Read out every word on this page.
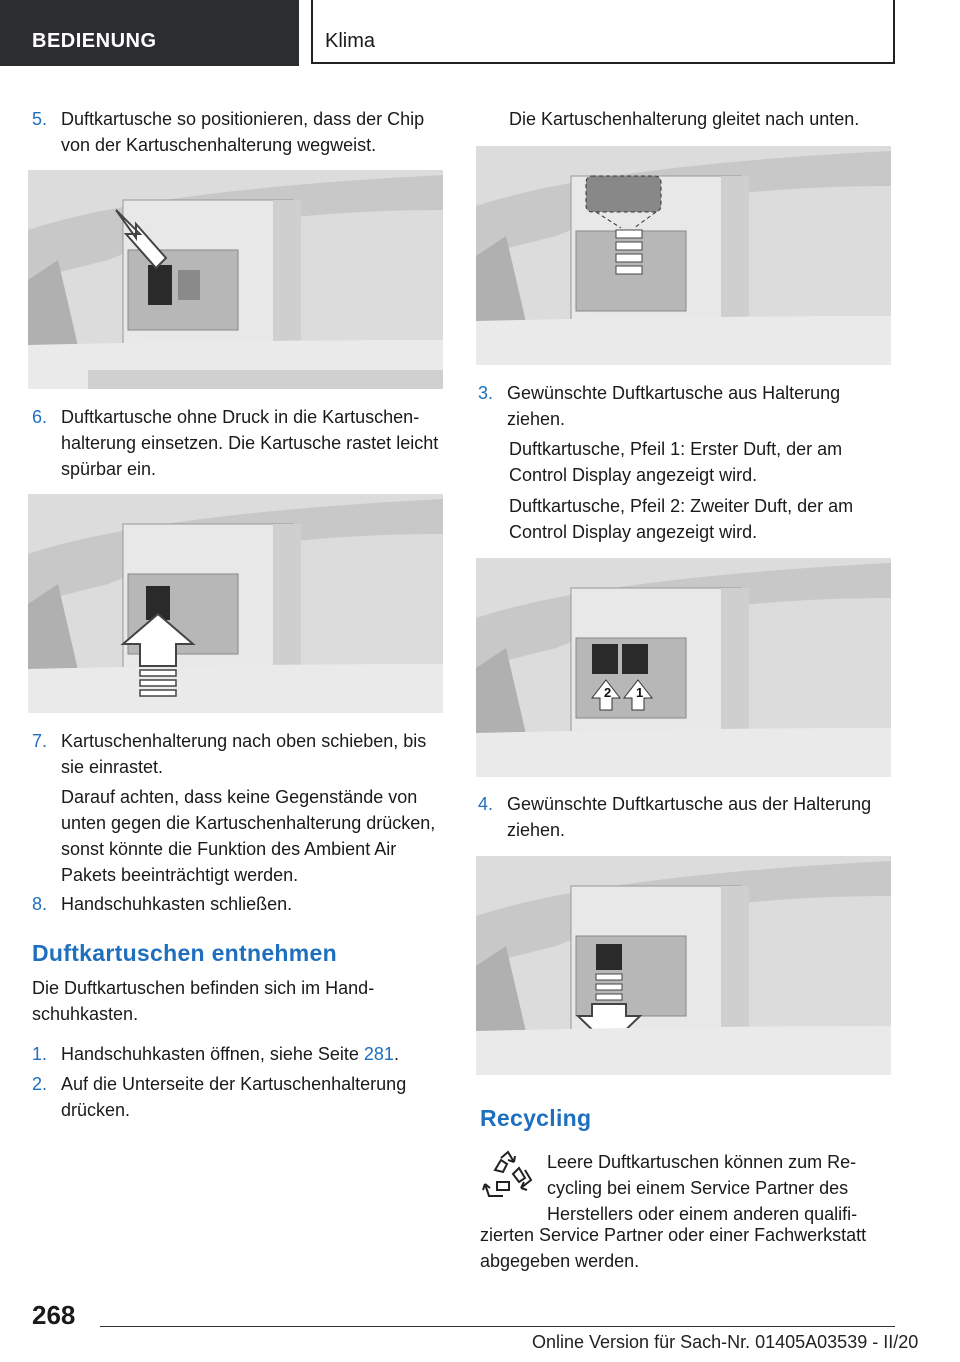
BEDIENUNG	Klima
5. Duftkartusche so positionieren, dass der Chip von der Kartuschenhalterung wegweist.
6. Duftkartusche ohne Druck in die Kartuschenhalterung einsetzen. Die Kartusche rastet leicht spürbar ein.
7. Kartuschenhalterung nach oben schieben, bis sie einrastet.
Darauf achten, dass keine Gegenstände von unten gegen die Kartuschenhalterung drücken, sonst könnte die Funktion des Ambient Air Pakets beeinträchtigt werden.
8. Handschuhkasten schließen.
Duftkartuschen entnehmen
Die Duftkartuschen befinden sich im Handschuhkasten.
1. Handschuhkasten öffnen, siehe Seite 281.
2. Auf die Unterseite der Kartuschenhalterung drücken.
Die Kartuschenhalterung gleitet nach unten.
3. Gewünschte Duftkartusche aus Halterung ziehen.
Duftkartusche, Pfeil 1: Erster Duft, der am Control Display angezeigt wird.
Duftkartusche, Pfeil 2: Zweiter Duft, der am Control Display angezeigt wird.
2 1
4. Gewünschte Duftkartusche aus der Halterung ziehen.
Recycling
Leere Duftkartuschen können zum Recycling bei einem Service Partner des Herstellers oder einem anderen qualifi-
zierten Service Partner oder einer Fachwerkstatt abgegeben werden.
268
Online Version für Sach-Nr. 01405A03539 - II/20
